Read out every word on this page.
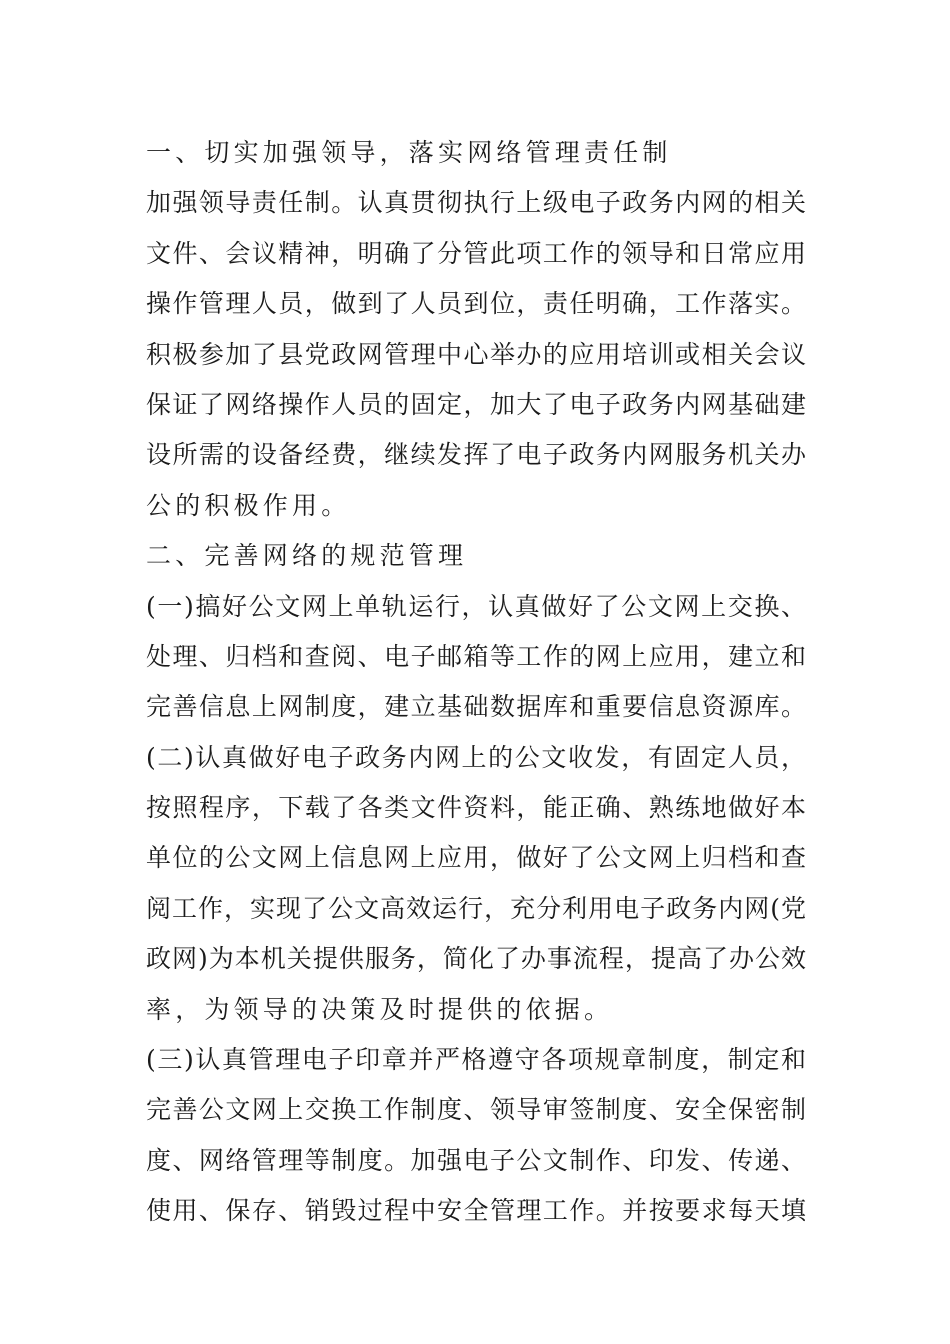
一、切实加强领导，落实网络管理责任制
加强领导责任制。认真贯彻执行上级电子政务内网的相关
文件、会议精神，明确了分管此项工作的领导和日常应用
操作管理人员，做到了人员到位，责任明确，工作落实。
积极参加了县党政网管理中心举办的应用培训或相关会议
保证了网络操作人员的固定，加大了电子政务内网基础建
设所需的设备经费，继续发挥了电子政务内网服务机关办
公的积极作用。
二、完善网络的规范管理
(一)搞好公文网上单轨运行，认真做好了公文网上交换、
处理、归档和查阅、电子邮箱等工作的网上应用，建立和
完善信息上网制度，建立基础数据库和重要信息资源库。
(二)认真做好电子政务内网上的公文收发，有固定人员，
按照程序，下载了各类文件资料，能正确、熟练地做好本
单位的公文网上信息网上应用，做好了公文网上归档和查
阅工作，实现了公文高效运行，充分利用电子政务内网(党
政网)为本机关提供服务，简化了办事流程，提高了办公效
率，为领导的决策及时提供的依据。
(三)认真管理电子印章并严格遵守各项规章制度，制定和
完善公文网上交换工作制度、领导审签制度、安全保密制
度、网络管理等制度。加强电子公文制作、印发、传递、
使用、保存、销毁过程中安全管理工作。并按要求每天填
